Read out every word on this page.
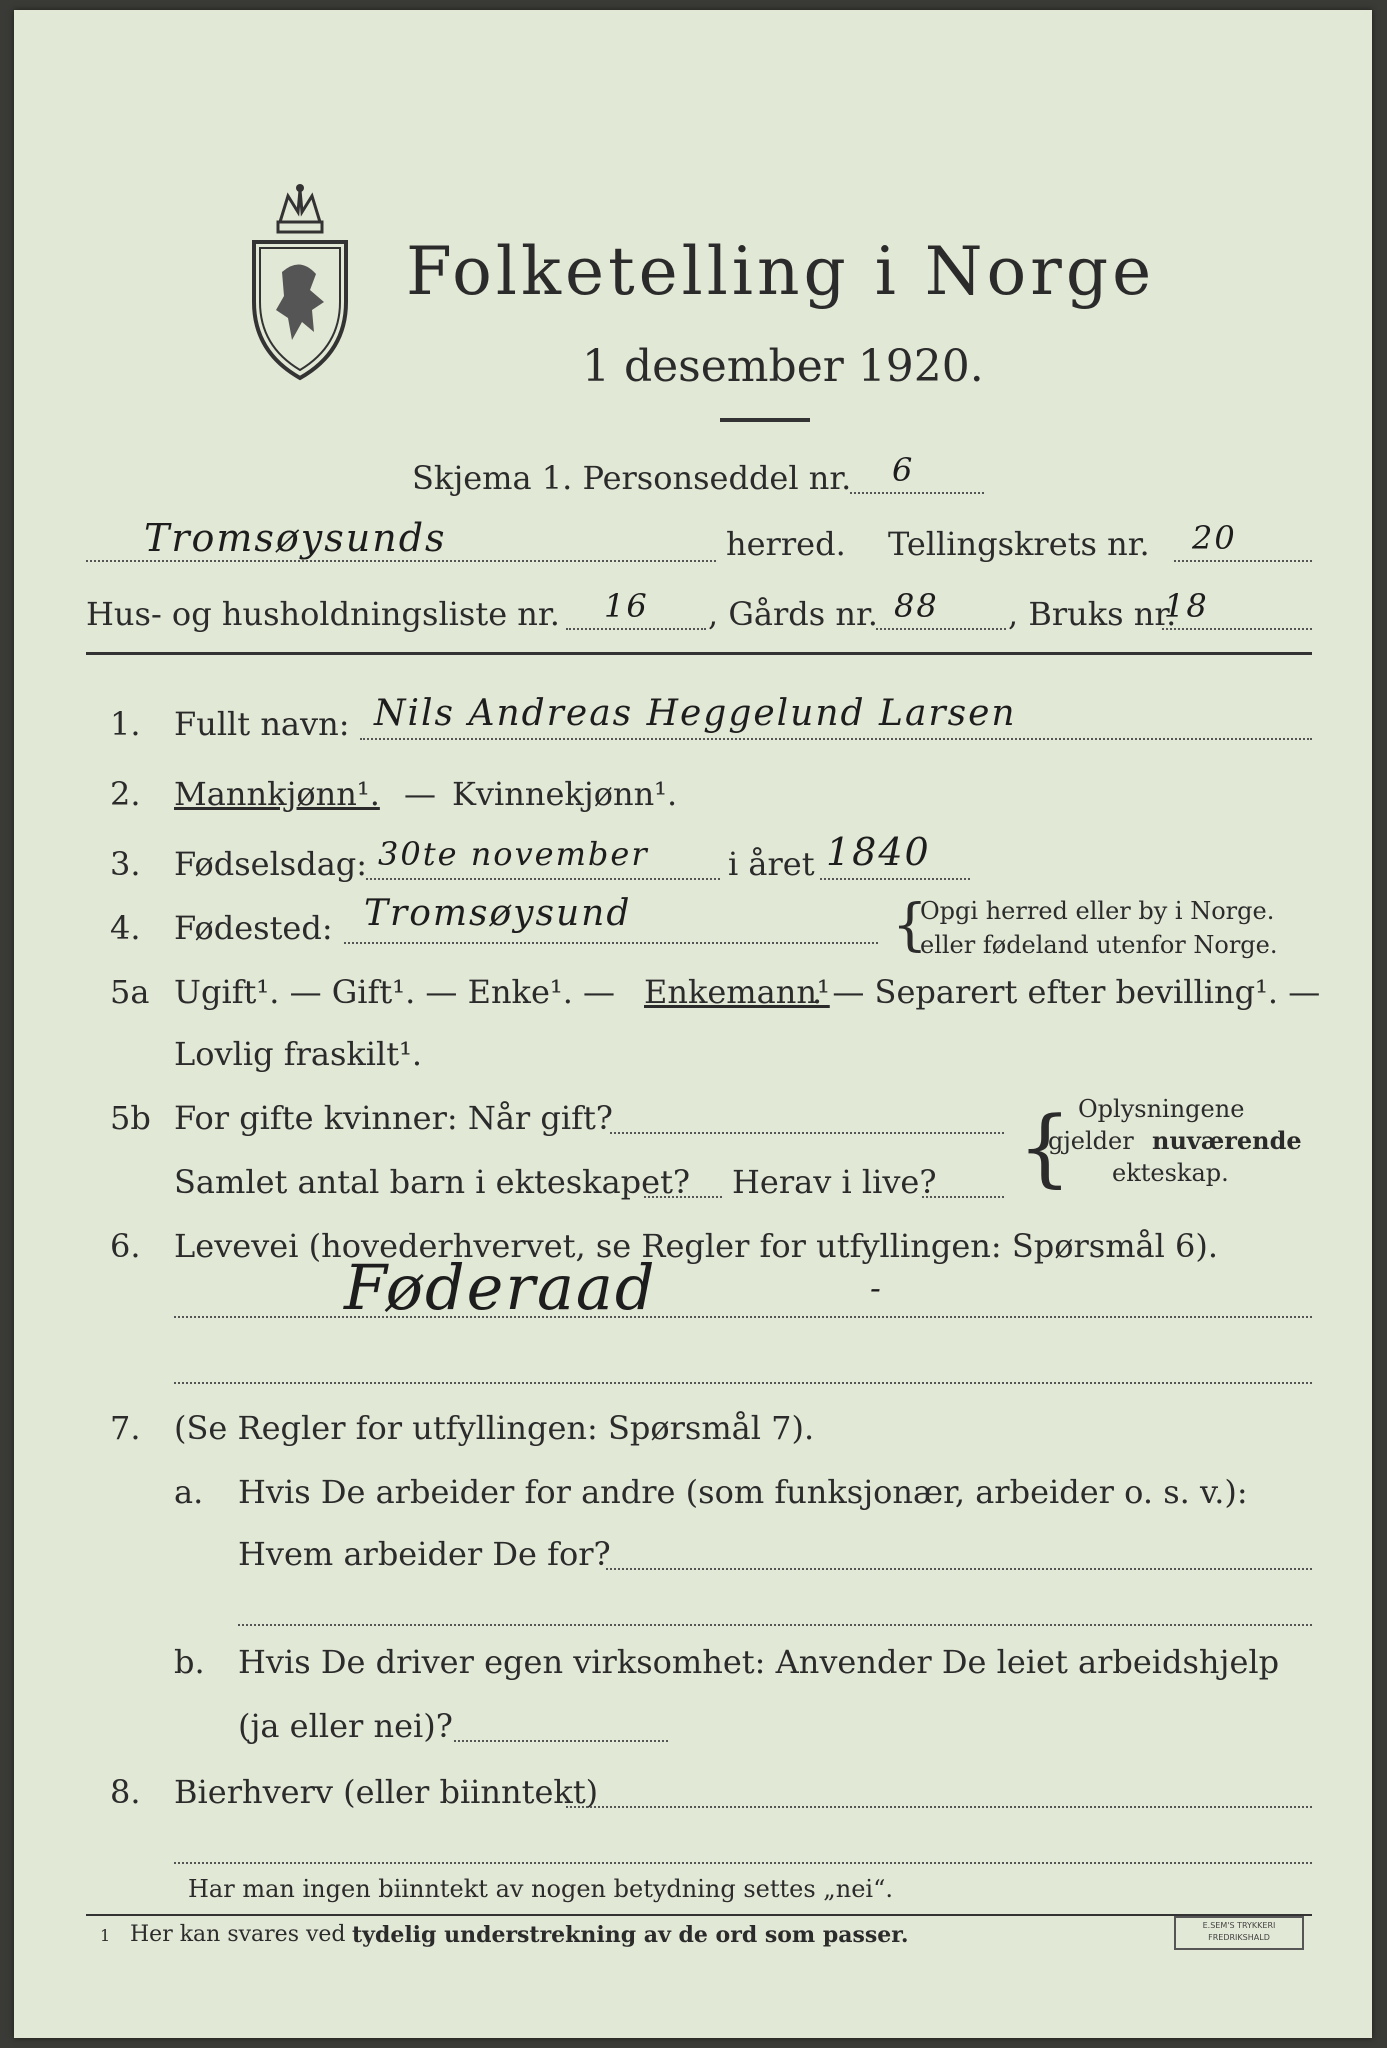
Folketelling i Norge
1 desember 1920.
Skjema 1. Personseddel nr. 6
Tromsøysunds	herred. Tellingskrets nr. 20
Hus- og husholdningsliste nr. 16 , Gårds nr. 88 , Bruks nr.
18
1. Fullt navn: Nils Andreas Heggelund Larsen
2. Mannkjønn¹. — Kvinnekjønn¹.
3. Fødselsdag: 30te november i året 1840
4. Fødested: Tromsøysund	{
Opgi herred eller by i Norge.
eller fødeland utenfor Norge.
5a Ugift¹. — Gift¹. — Enke¹. — Enkemann¹
. — Separert efter bevilling¹. —
Lovlig fraskilt¹.
5b For gifte kvinner: Når gift?
Samlet antal barn i ekteskapet? Herav i live? { Oplysningene
gjelder nuværende
ekteskap.
6. Levevei (hovederhvervet, se Regler for utfyllingen: Spørsmål 6).
Føderaad	-
7. (Se Regler for utfyllingen: Spørsmål 7).
a. Hvis De arbeider for andre (som funksjonær, arbeider o. s. v.):
Hvem arbeider De for?
b. Hvis De driver egen virksomhet: Anvender De leiet arbeidshjelp
(ja eller nei)?
8. Bierhverv (eller biinntekt)
Har man ingen biinntekt av nogen betydning settes „nei“.
1 Her kan svares ved tydelig understrekning av de ord som passer.	E.SEM'S TRYKKERI
FREDRIKSHALD
